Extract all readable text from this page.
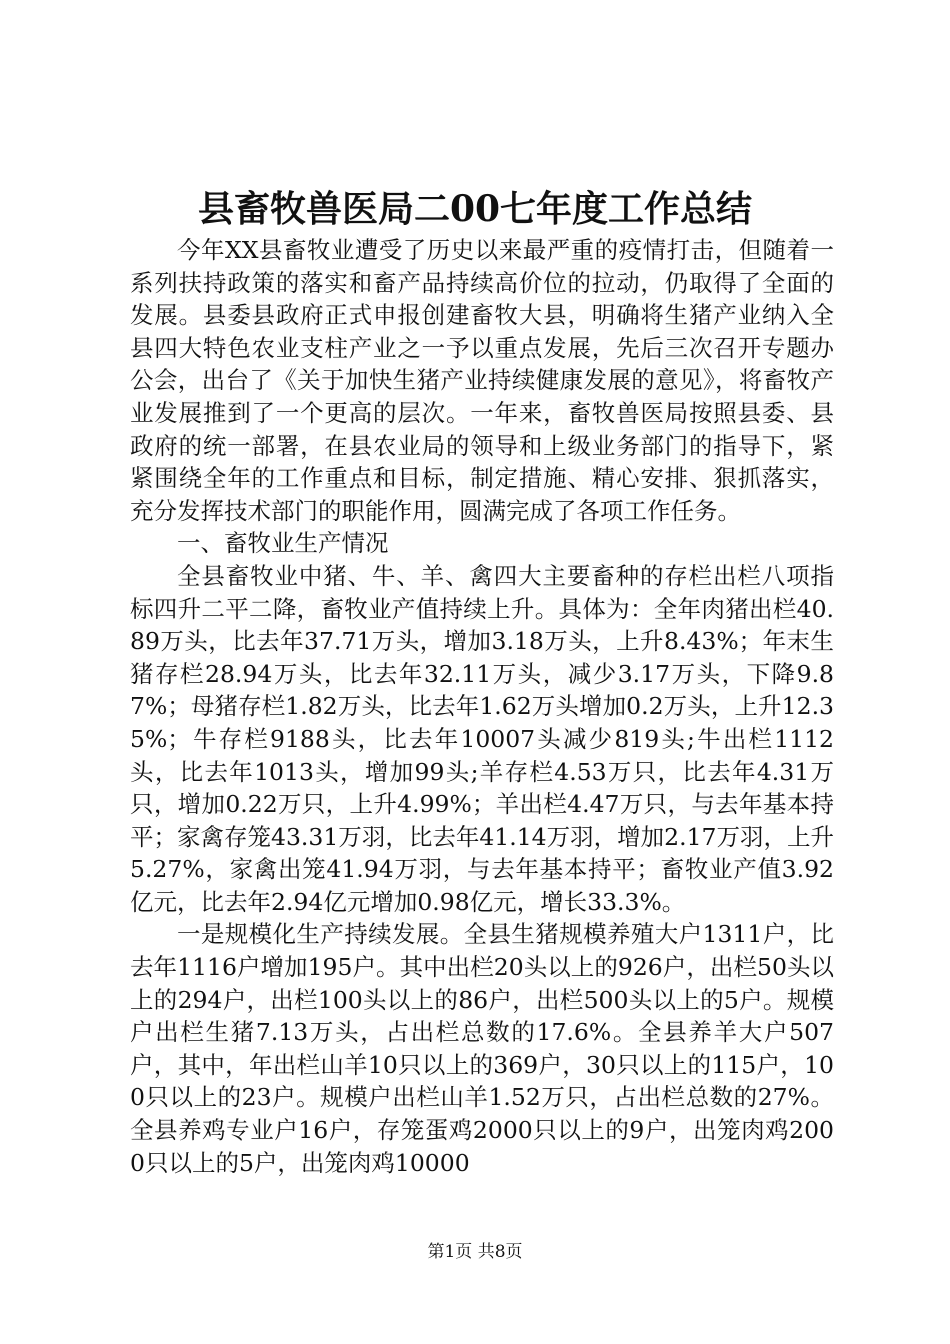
县畜牧兽医局二00七年度工作总结

今年XX县畜牧业遭受了历史以来最严重的疫情打击，但随着一系列扶持政策的落实和畜产品持续高价位的拉动，仍取得了全面的发展。县委县政府正式申报创建畜牧大县，明确将生猪产业纳入全县四大特色农业支柱产业之一予以重点发展，先后三次召开专题办公会，出台了《关于加快生猪产业持续健康发展的意见》，将畜牧产业发展推到了一个更高的层次。一年来，畜牧兽医局按照县委、县政府的统一部署，在县农业局的领导和上级业务部门的指导下，紧紧围绕全年的工作重点和目标，制定措施、精心安排、狠抓落实，充分发挥技术部门的职能作用，圆满完成了各项工作任务。

一、畜牧业生产情况

全县畜牧业中猪、牛、羊、禽四大主要畜种的存栏出栏八项指标四升二平二降，畜牧业产值持续上升。具体为：全年肉猪出栏40.89万头，比去年37.71万头，增加3.18万头，上升8.43%；年末生猪存栏28.94万头，比去年32.11万头，减少3.17万头，下降9.87%；母猪存栏1.82万头，比去年1.62万头增加0.2万头，上升12.35%；牛存栏9188头，比去年10007头减少819头;牛出栏1112头，比去年1013头，增加99头;羊存栏4.53万只，比去年4.31万只，增加0.22万只，上升4.99%；羊出栏4.47万只，与去年基本持平；家禽存笼43.31万羽，比去年41.14万羽，增加2.17万羽，上升5.27%，家禽出笼41.94万羽，与去年基本持平；畜牧业产值3.92亿元，比去年2.94亿元增加0.98亿元，增长33.3%。

一是规模化生产持续发展。全县生猪规模养殖大户1311户，比去年1116户增加195户。其中出栏20头以上的926户，出栏50头以上的294户，出栏100头以上的86户，出栏500头以上的5户。规模户出栏生猪7.13万头，占出栏总数的17.6%。全县养羊大户507户，其中，年出栏山羊10只以上的369户，30只以上的115户，100只以上的23户。规模户出栏山羊1.52万只，占出栏总数的27%。全县养鸡专业户16户，存笼蛋鸡2000只以上的9户，出笼肉鸡2000只以上的5户，出笼肉鸡10000

第1页 共8页
